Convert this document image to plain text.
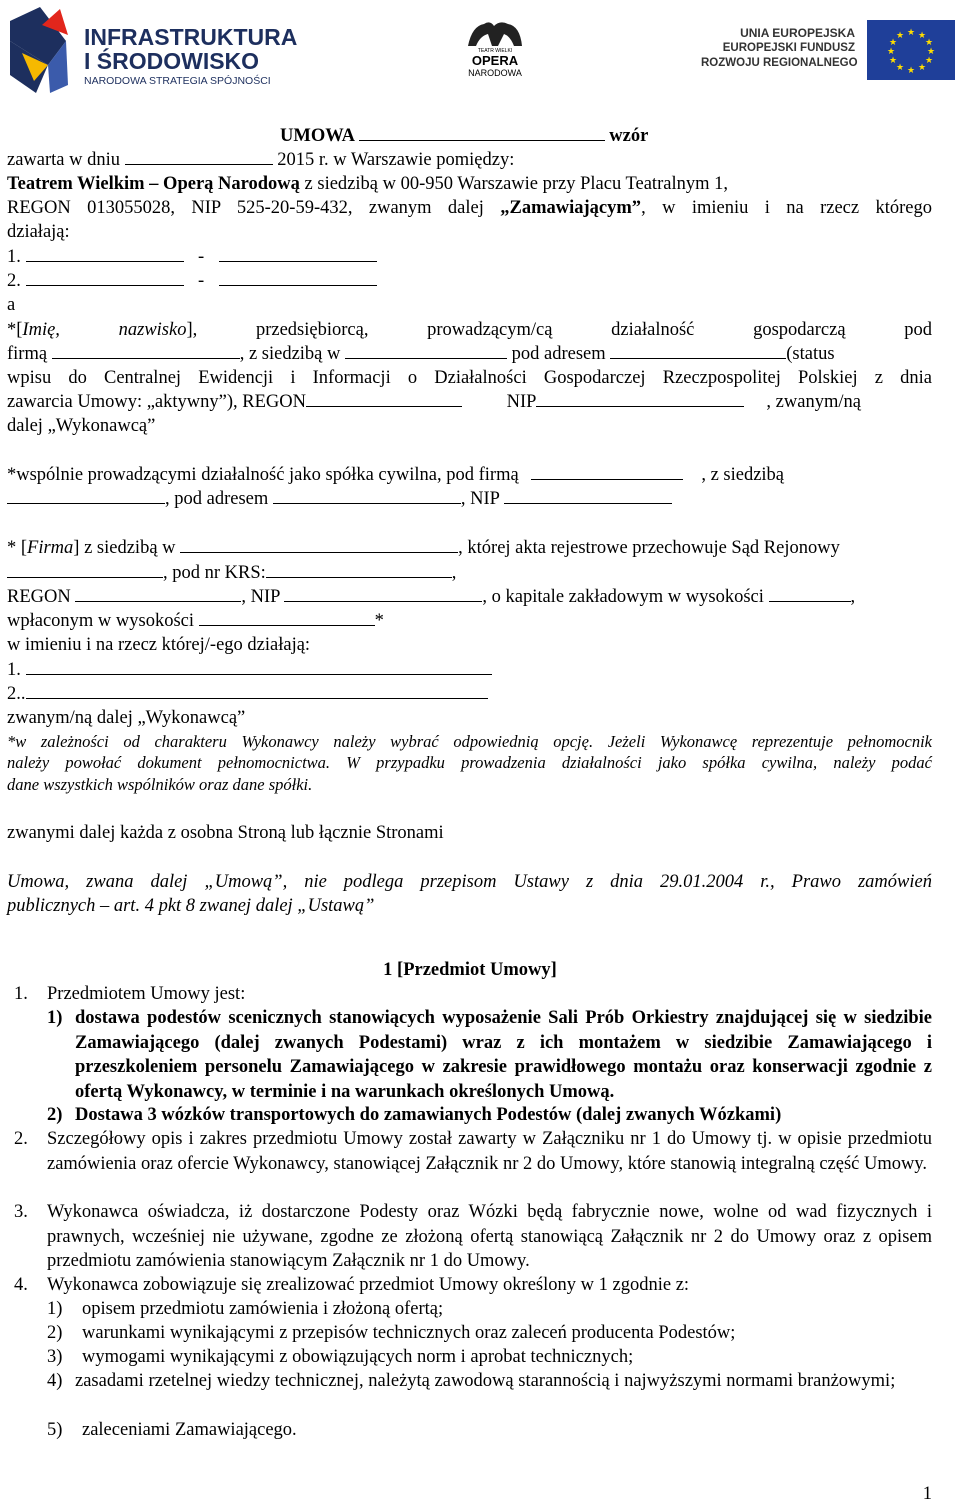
INFRASTRUKTURA
I ŚRODOWISKO
NARODOWA STRATEGIA SPÓJNOŚCI
TEATR WIELKI
OPERA
NARODOWA
UNIA EUROPEJSKA
EUROPEJSKI FUNDUSZ
ROZWOJU REGIONALNEGO
★ ★
★
★
★
★
★
★
★
★
★
★
UMOWA	wzór
zawarta w dniu	2015 r. w Warszawie pomiędzy:
Teatrem Wielkim – Operą Narodową z siedzibą w 00-950 Warszawie przy Placu Teatralnym 1,
REGON 013055028, NIP 525-20-59-432, zwanym dalej „Zamawiającym”, w imieniu i na rzecz którego
działają:
1.	-
2.	-
a
*[Imię, nazwisko], przedsiębiorcą, prowadzącym/cą działalność gospodarczą pod
firmą	, z siedzibą w	pod adresem	(status
wpisu do Centralnej Ewidencji i Informacji o Działalności Gospodarczej Rzeczpospolitej Polskiej z dnia
zawarcia Umowy: „aktywny”), REGON	NIP	, zwanym/ną
dalej „Wykonawcą”
*wspólnie prowadzącymi działalność jako spółka cywilna, pod firmą	, z siedzibą
, pod adresem	, NIP
* [Firma] z siedzibą w	, której akta rejestrowe przechowuje Sąd Rejonowy
, pod nr KRS:	,
REGON	, NIP	, o kapitale zakładowym w wysokości	,
wpłaconym w wysokości	*
w imieniu i na rzecz której/-ego działają:
1.
2..
zwanym/ną dalej „Wykonawcą”
*w zależności od charakteru Wykonawcy należy wybrać odpowiednią opcję. Jeżeli Wykonawcę reprezentuje pełnomocnik
należy powołać dokument pełnomocnictwa. W przypadku prowadzenia działalności jako spółka cywilna, należy podać
dane wszystkich wspólników oraz dane spółki.
zwanymi dalej każda z osobna Stroną lub łącznie Stronami
Umowa, zwana dalej „Umową”, nie podlega przepisom Ustawy z dnia 29.01.2004 r., Prawo zamówień
publicznych – art. 4 pkt 8 zwanej dalej „Ustawą”
1 [Przedmiot Umowy]
1. Przedmiotem Umowy jest:
1) dostawa podestów scenicznych stanowiących wyposażenie Sali Prób Orkiestry znajdującej się w siedzibie Zamawiającego (dalej zwanych Podestami) wraz z ich montażem w siedzibie Zamawiającego i przeszkoleniem personelu Zamawiającego w zakresie prawidłowego montażu oraz konserwacji zgodnie z ofertą Wykonawcy, w terminie i na warunkach określonych Umową.
2) Dostawa 3 wózków transportowych do zamawianych Podestów (dalej zwanych Wózkami)
2. Szczegółowy opis i zakres przedmiotu Umowy został zawarty w Załączniku nr 1 do Umowy tj. w opisie przedmiotu zamówienia oraz ofercie Wykonawcy, stanowiącej Załącznik nr 2 do Umowy, które stanowią integralną część Umowy.
3. Wykonawca oświadcza, iż dostarczone Podesty oraz Wózki będą fabrycznie nowe, wolne od wad fizycznych i prawnych, wcześniej nie używane, zgodne ze złożoną ofertą stanowiącą Załącznik nr 2 do Umowy oraz z opisem przedmiotu zamówienia stanowiącym Załącznik nr 1 do Umowy.
4. Wykonawca zobowiązuje się zrealizować przedmiot Umowy określony w 1 zgodnie z:
1) opisem przedmiotu zamówienia i złożoną ofertą;
2) warunkami wynikającymi z przepisów technicznych oraz zaleceń producenta Podestów;
3) wymogami wynikającymi z obowiązujących norm i aprobat technicznych;
4) zasadami rzetelnej wiedzy technicznej, należytą zawodową starannością i najwyższymi normami branżowymi;
5) zaleceniami Zamawiającego.
1
